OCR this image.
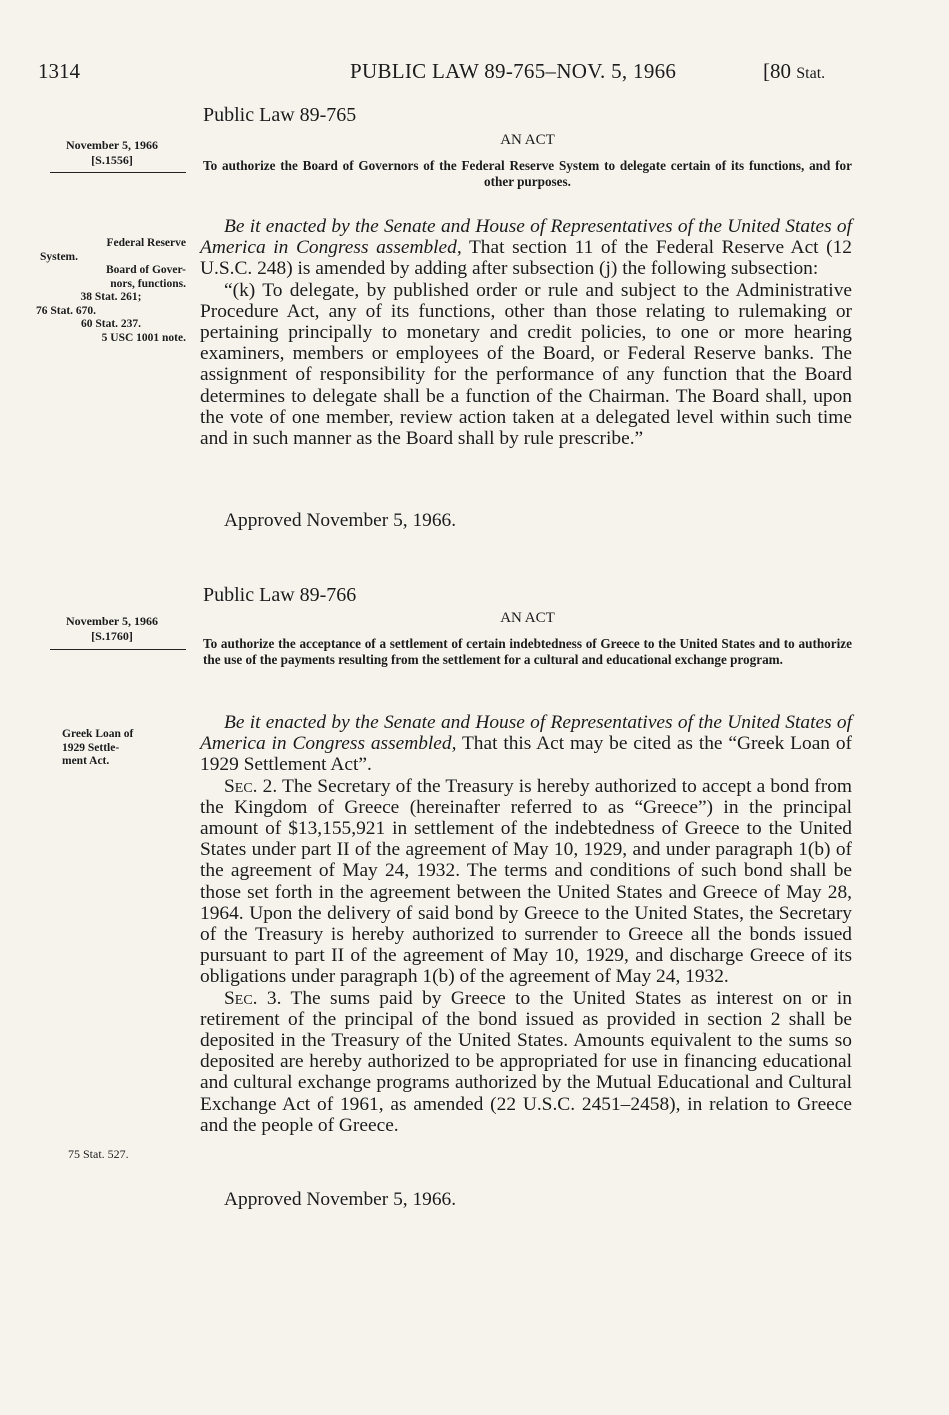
1314	PUBLIC LAW 89-765–NOV. 5, 1966	[80 Stat.
Public Law 89-765
AN ACT
November 5, 1966
[S.1556]	To authorize the Board of Governors of the Federal Reserve System to delegate certain of its functions, and for other purposes.
Federal Reserve
System.
Board of Gover-
nors, functions.
38 Stat. 261;
76 Stat. 670.
60 Stat. 237.
5 USC 1001 note.

Be it enacted by the Senate and House of Representatives of the United States of America in Congress assembled, That section 11 of the Federal Reserve Act (12 U.S.C. 248) is amended by adding after subsection (j) the following subsection:

“(k) To delegate, by published order or rule and subject to the Administrative Procedure Act, any of its functions, other than those relating to rulemaking or pertaining principally to monetary and credit policies, to one or more hearing examiners, members or employees of the Board, or Federal Reserve banks. The assignment of responsibility for the performance of any function that the Board determines to delegate shall be a function of the Chairman. The Board shall, upon the vote of one member, review action taken at a delegated level within such time and in such manner as the Board shall by rule prescribe.”

Approved November 5, 1966.
Public Law 89-766
AN ACT
November 5, 1966
[S.1760]	To authorize the acceptance of a settlement of certain indebtedness of Greece to the United States and to authorize the use of the payments resulting from the settlement for a cultural and educational exchange program.
Greek Loan of
1929 Settle-
ment Act.

Be it enacted by the Senate and House of Representatives of the United States of America in Congress assembled, That this Act may be cited as the “Greek Loan of 1929 Settlement Act”.

Sec. 2. The Secretary of the Treasury is hereby authorized to accept a bond from the Kingdom of Greece (hereinafter referred to as “Greece”) in the principal amount of $13,155,921 in settlement of the indebtedness of Greece to the United States under part II of the agreement of May 10, 1929, and under paragraph 1(b) of the agreement of May 24, 1932. The terms and conditions of such bond shall be those set forth in the agreement between the United States and Greece of May 28, 1964. Upon the delivery of said bond by Greece to the United States, the Secretary of the Treasury is hereby authorized to surrender to Greece all the bonds issued pursuant to part II of the agreement of May 10, 1929, and discharge Greece of its obligations under paragraph 1(b) of the agreement of May 24, 1932.

Sec. 3. The sums paid by Greece to the United States as interest on or in retirement of the principal of the bond issued as provided in section 2 shall be deposited in the Treasury of the United States. Amounts equivalent to the sums so deposited are hereby authorized to be appropriated for use in financing educational and cultural exchange programs authorized by the Mutual Educational and Cultural Exchange Act of 1961, as amended (22 U.S.C. 2451–2458), in relation to Greece and the people of Greece.

75 Stat. 527.
Approved November 5, 1966.
